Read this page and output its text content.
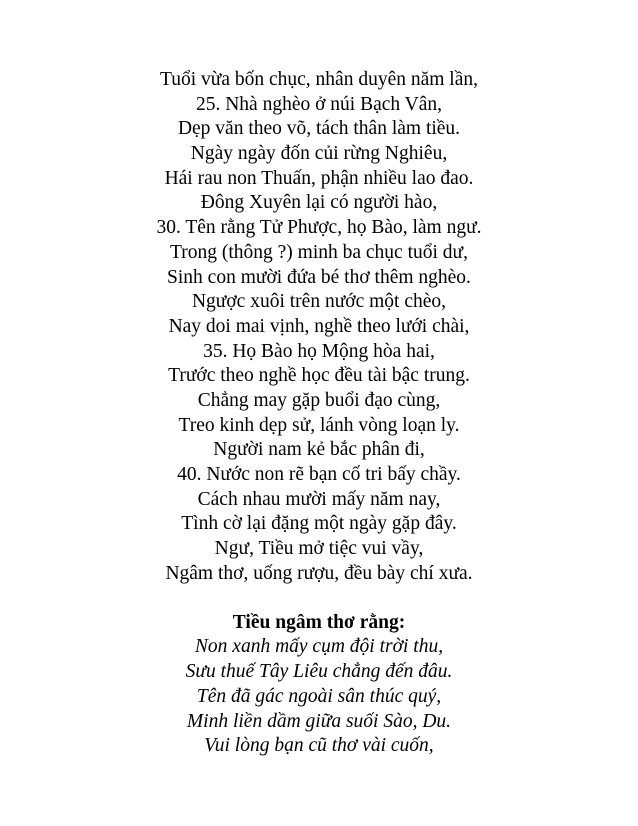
Tuổi vừa bốn chục, nhân duyên năm lần,
25. Nhà nghèo ở núi Bạch Vân,
Dẹp văn theo võ, tách thân làm tiều.
Ngày ngày đốn củi rừng Nghiêu,
Hái rau non Thuấn, phận nhiều lao đao.
Đông Xuyên lại có người hào,
30. Tên rằng Tử Phược, họ Bào, làm ngư.
Trong (thông ?) minh ba chục tuổi dư,
Sinh con mười đứa bé thơ thêm nghèo.
Ngược xuôi trên nước một chèo,
Nay doi mai vịnh, nghề theo lưới chài,
35. Họ Bào họ Mộng hòa hai,
Trước theo nghề học đều tài bậc trung.
Chẳng may gặp buổi đạo cùng,
Treo kinh dẹp sử, lánh vòng loạn ly.
Người nam kẻ bắc phân đi,
40. Nước non rẽ bạn cố tri bấy chầy.
Cách nhau mười mấy năm nay,
Tình cờ lại đặng một ngày gặp đây.
Ngư, Tiều mở tiệc vui vầy,
Ngâm thơ, uống rượu, đều bày chí xưa.
Tiều ngâm thơ rằng:
Non xanh mấy cụm đội trời thu,
Sưu thuế Tây Liêu chẳng đến đâu.
Tên đã gác ngoài sân thúc quý,
Minh liền dầm giữa suối Sào, Du.
Vui lòng bạn cũ thơ vài cuốn,
